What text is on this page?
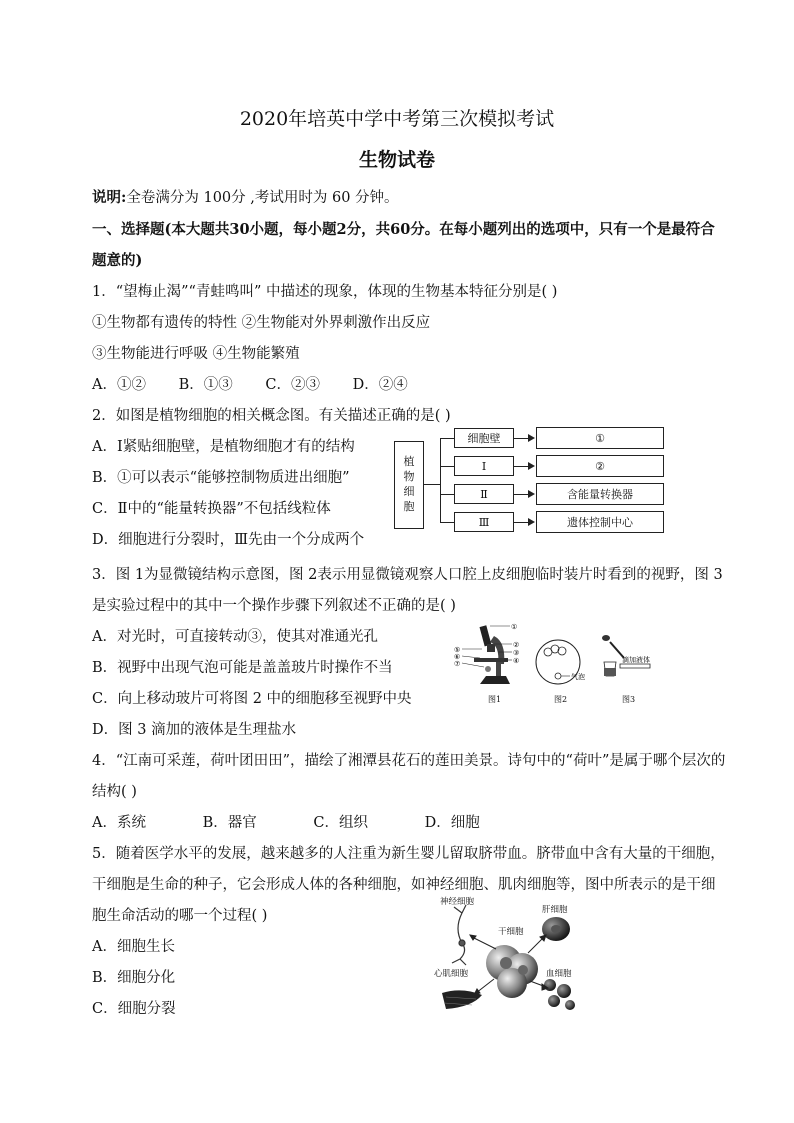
2020年培英中学中考第三次模拟考试
生物试卷
说明:全卷满分为 100分 ,考试用时为 60 分钟。
一、选择题(本大题共30小题，每小题2分，共60分。在每小题列出的选项中，只有一个是最符合
题意的)
1．“望梅止渴”“青蛙鸣叫” 中描述的现象，体现的生物基本特征分别是( )
①生物都有遗传的特性 ②生物能对外界刺激作出反应
③生物能进行呼吸 ④生物能繁殖
A．①② B．①③ C．②③ D．②④
2．如图是植物细胞的相关概念图。有关描述正确的是( )
A．Ⅰ紧贴细胞壁，是植物细胞才有的结构
B．①可以表示“能够控制物质进出细胞”
C．Ⅱ中的“能量转换器”不包括线粒体
D．细胞进行分裂时，Ⅲ先由一个分成两个
植
物
细
胞
细胞壁
Ⅰ
Ⅱ
Ⅲ
①
②
含能量转换器
遗体控制中心
3．图 1为显微镜结构示意图，图 2表示用显微镜观察人口腔上皮细胞临时装片时看到的视野，图 3
是实验过程中的其中一个操作步骤下列叙述不正确的是( )
A．对光时，可直接转动③，使其对准通光孔
B．视野中出现气泡可能是盖盖玻片时操作不当
C．向上移动玻片可将图 2 中的细胞移至视野中央
D．图 3 滴加的液体是生理盐水
①
②
③
④
⑤
⑥
⑦
气泡
滴加液体
图1	图2	图3
4．“江南可采莲，荷叶团田田”，描绘了湘潭县花石的莲田美景。诗句中的“荷叶”是属于哪个层次的
结构( )
A．系统	B．器官	C．组织	D．细胞
5．随着医学水平的发展，越来越多的人注重为新生婴儿留取脐带血。脐带血中含有大量的干细胞，
干细胞是生命的种子，它会形成人体的各种细胞，如神经细胞、肌肉细胞等，图中所表示的是干细
胞生命活动的哪一个过程( )
A．细胞生长
B．细胞分化
C．细胞分裂
神经细胞
肝细胞
干细胞
心肌细胞	血细胞
